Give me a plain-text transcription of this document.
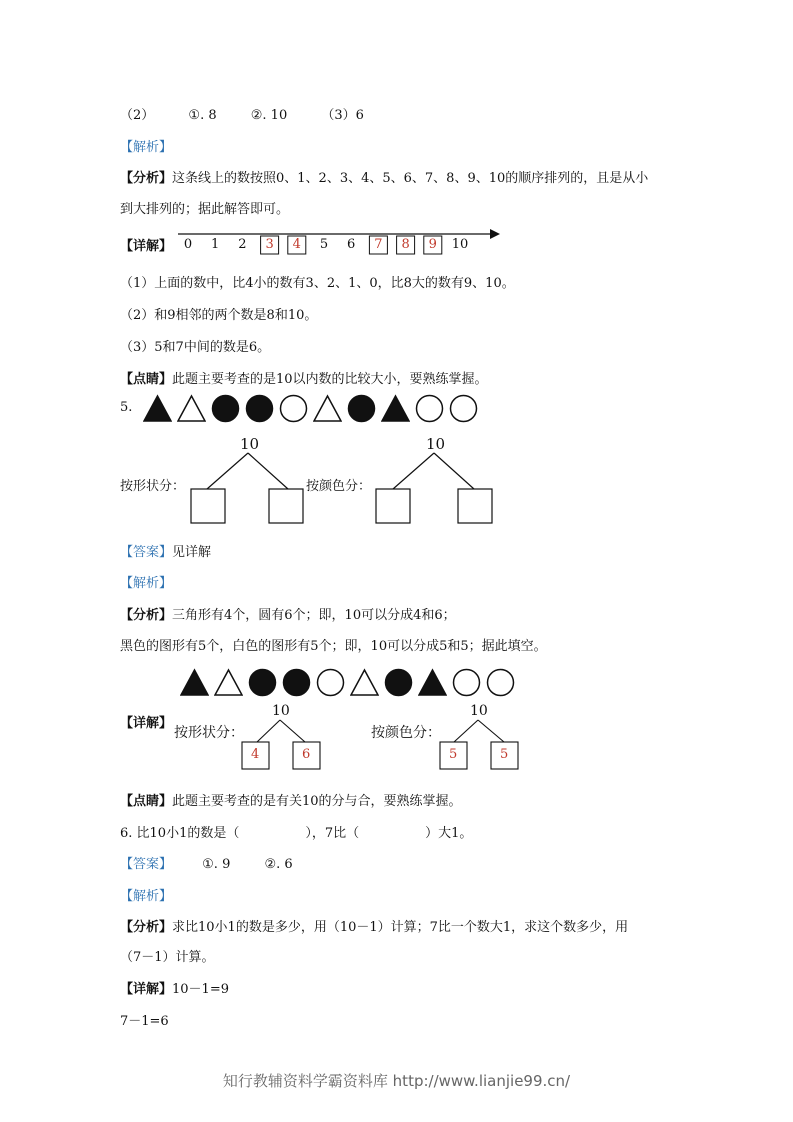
（2）	①. 8	②. 10	（3）6
【解析】
【分析】这条线上的数按照0、1、2、3、4、5、6、7、8、9、10的顺序排列的，且是从小
到大排列的；据此解答即可。
【详解】 0 1 2 3 4 5 6 7 8 9 10
（1）上面的数中，比4小的数有3、2、1、0，比8大的数有9、10。
（2）和9相邻的两个数是8和10。
（3）5和7中间的数是6。
【点睛】此题主要考查的是10以内数的比较大小，要熟练掌握。
5.
按形状分：	按颜色分：
10	10
【答案】见详解
【解析】
【分析】三角形有4个，圆有6个；即，10可以分成4和6；
黑色的图形有5个，白色的图形有5个；即，10可以分成5和5；据此填空。
【详解】
按形状分：	按颜色分：
10	10
4	6	5	5
【点睛】此题主要考查的是有关10的分与合，要熟练掌握。
6. 比10小1的数是（	），7比（	）大1。
【答案】 ①. 9	②. 6
【解析】
【分析】求比10小1的数是多少，用（10－1）计算；7比一个数大1，求这个数多少，用
（7－1）计算。
【详解】10－1=9
7－1=6
知行教辅资料学霸资料库 http://www.lianjie99.cn/
